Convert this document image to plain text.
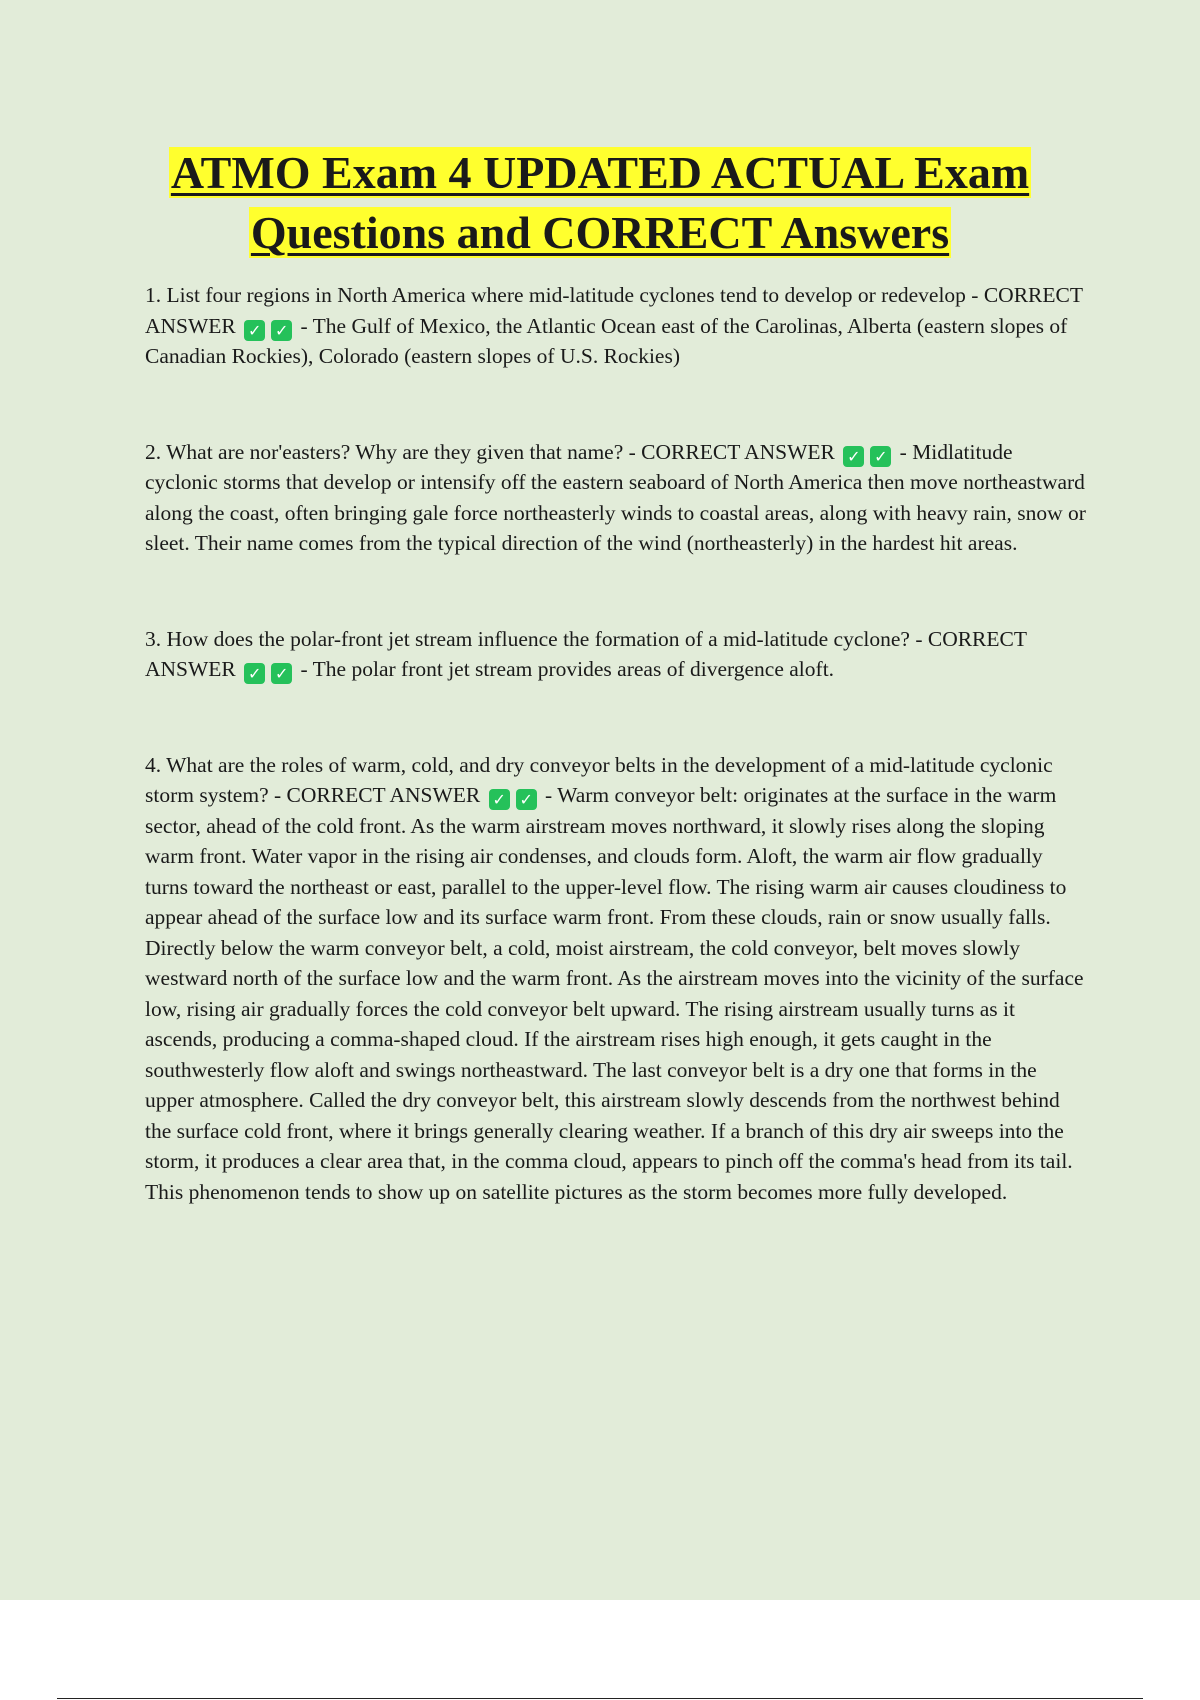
ATMO Exam 4 UPDATED ACTUAL Exam
Questions and CORRECT Answers

1. List four regions in North America where mid-latitude cyclones tend to develop or redevelop - CORRECT ANSWER ✓ ✓ - The Gulf of Mexico, the Atlantic Ocean east of the Carolinas, Alberta (eastern slopes of Canadian Rockies), Colorado (eastern slopes of U.S. Rockies)

2. What are nor'easters? Why are they given that name? - CORRECT ANSWER ✓ ✓ - Midlatitude cyclonic storms that develop or intensify off the eastern seaboard of North America then move northeastward along the coast, often bringing gale force northeasterly winds to coastal areas, along with heavy rain, snow or sleet. Their name comes from the typical direction of the wind (northeasterly) in the hardest hit areas.

3. How does the polar-front jet stream influence the formation of a mid-latitude cyclone? - CORRECT ANSWER ✓ ✓ - The polar front jet stream provides areas of divergence aloft.

4. What are the roles of warm, cold, and dry conveyor belts in the development of a mid-latitude cyclonic storm system? - CORRECT ANSWER ✓ ✓ - Warm conveyor belt: originates at the surface in the warm sector, ahead of the cold front. As the warm airstream moves northward, it slowly rises along the sloping warm front. Water vapor in the rising air condenses, and clouds form. Aloft, the warm air flow gradually turns toward the northeast or east, parallel to the upper-level flow. The rising warm air causes cloudiness to appear ahead of the surface low and its surface warm front. From these clouds, rain or snow usually falls. Directly below the warm conveyor belt, a cold, moist airstream, the cold conveyor, belt moves slowly westward north of the surface low and the warm front. As the airstream moves into the vicinity of the surface low, rising air gradually forces the cold conveyor belt upward. The rising airstream usually turns as it ascends, producing a comma-shaped cloud. If the airstream rises high enough, it gets caught in the southwesterly flow aloft and swings northeastward. The last conveyor belt is a dry one that forms in the upper atmosphere. Called the dry conveyor belt, this airstream slowly descends from the northwest behind the surface cold front, where it brings generally clearing weather. If a branch of this dry air sweeps into the storm, it produces a clear area that, in the comma cloud, appears to pinch off the comma's head from its tail. This phenomenon tends to show up on satellite pictures as the storm becomes more fully developed.
